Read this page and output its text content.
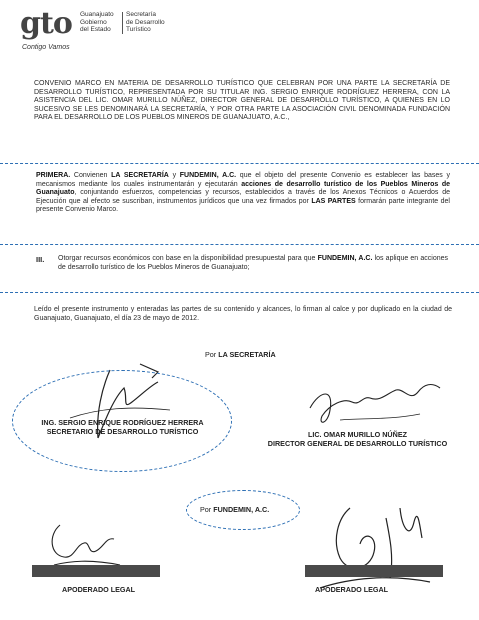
gto Guanajuato
Gobierno
del Estado
Secretaría
de Desarrollo
Turístico
Contigo Vamos
CONVENIO MARCO EN MATERIA DE DESARROLLO TURÍSTICO QUE CELEBRAN POR UNA PARTE LA SECRETARÍA DE DESARROLLO TURÍSTICO, REPRESENTADA POR SU TITULAR ING. SERGIO ENRIQUE RODRÍGUEZ HERRERA, CON LA ASISTENCIA DEL LIC. OMAR MURILLO NÚÑEZ, DIRECTOR GENERAL DE DESARROLLO TURÍSTICO, A QUIENES EN LO SUCESIVO SE LES DENOMINARÁ LA SECRETARÍA, Y POR OTRA PARTE LA ASOCIACIÓN CIVIL DENOMINADA FUNDACIÓN PARA EL DESARROLLO DE LOS PUEBLOS MINEROS DE GUANAJUATO, A.C.,
PRIMERA. Convienen LA SECRETARÍA y FUNDEMIN, A.C. que el objeto del presente Convenio es establecer las bases y mecanismos mediante los cuales instrumentarán y ejecutarán acciones de desarrollo turístico de los Pueblos Mineros de Guanajuato, conjuntando esfuerzos, competencias y recursos, establecidos a través de los Anexos Técnicos o Acuerdos de Ejecución que al efecto se suscriban, instrumentos jurídicos que una vez firmados por LAS PARTES formarán parte integrante del presente Convenio Marco.
III. Otorgar recursos económicos con base en la disponibilidad presupuestal para que FUNDEMIN, A.C. los aplique en acciones de desarrollo turístico de los Pueblos Mineros de Guanajuato;
Leído el presente instrumento y enteradas las partes de su contenido y alcances, lo firman al calce y por duplicado en la ciudad de Guanajuato, Guanajuato, el día 23 de mayo de 2012.
Por LA SECRETARÍA
ING. SERGIO ENRIQUE RODRÍGUEZ HERRERA
SECRETARIO DE DESARROLLO TURÍSTICO	LIC. OMAR MURILLO NÚÑEZ
DIRECTOR GENERAL DE DESARROLLO TURÍSTICO
Por FUNDEMIN, A.C.
APODERADO LEGAL	APODERADO LEGAL
